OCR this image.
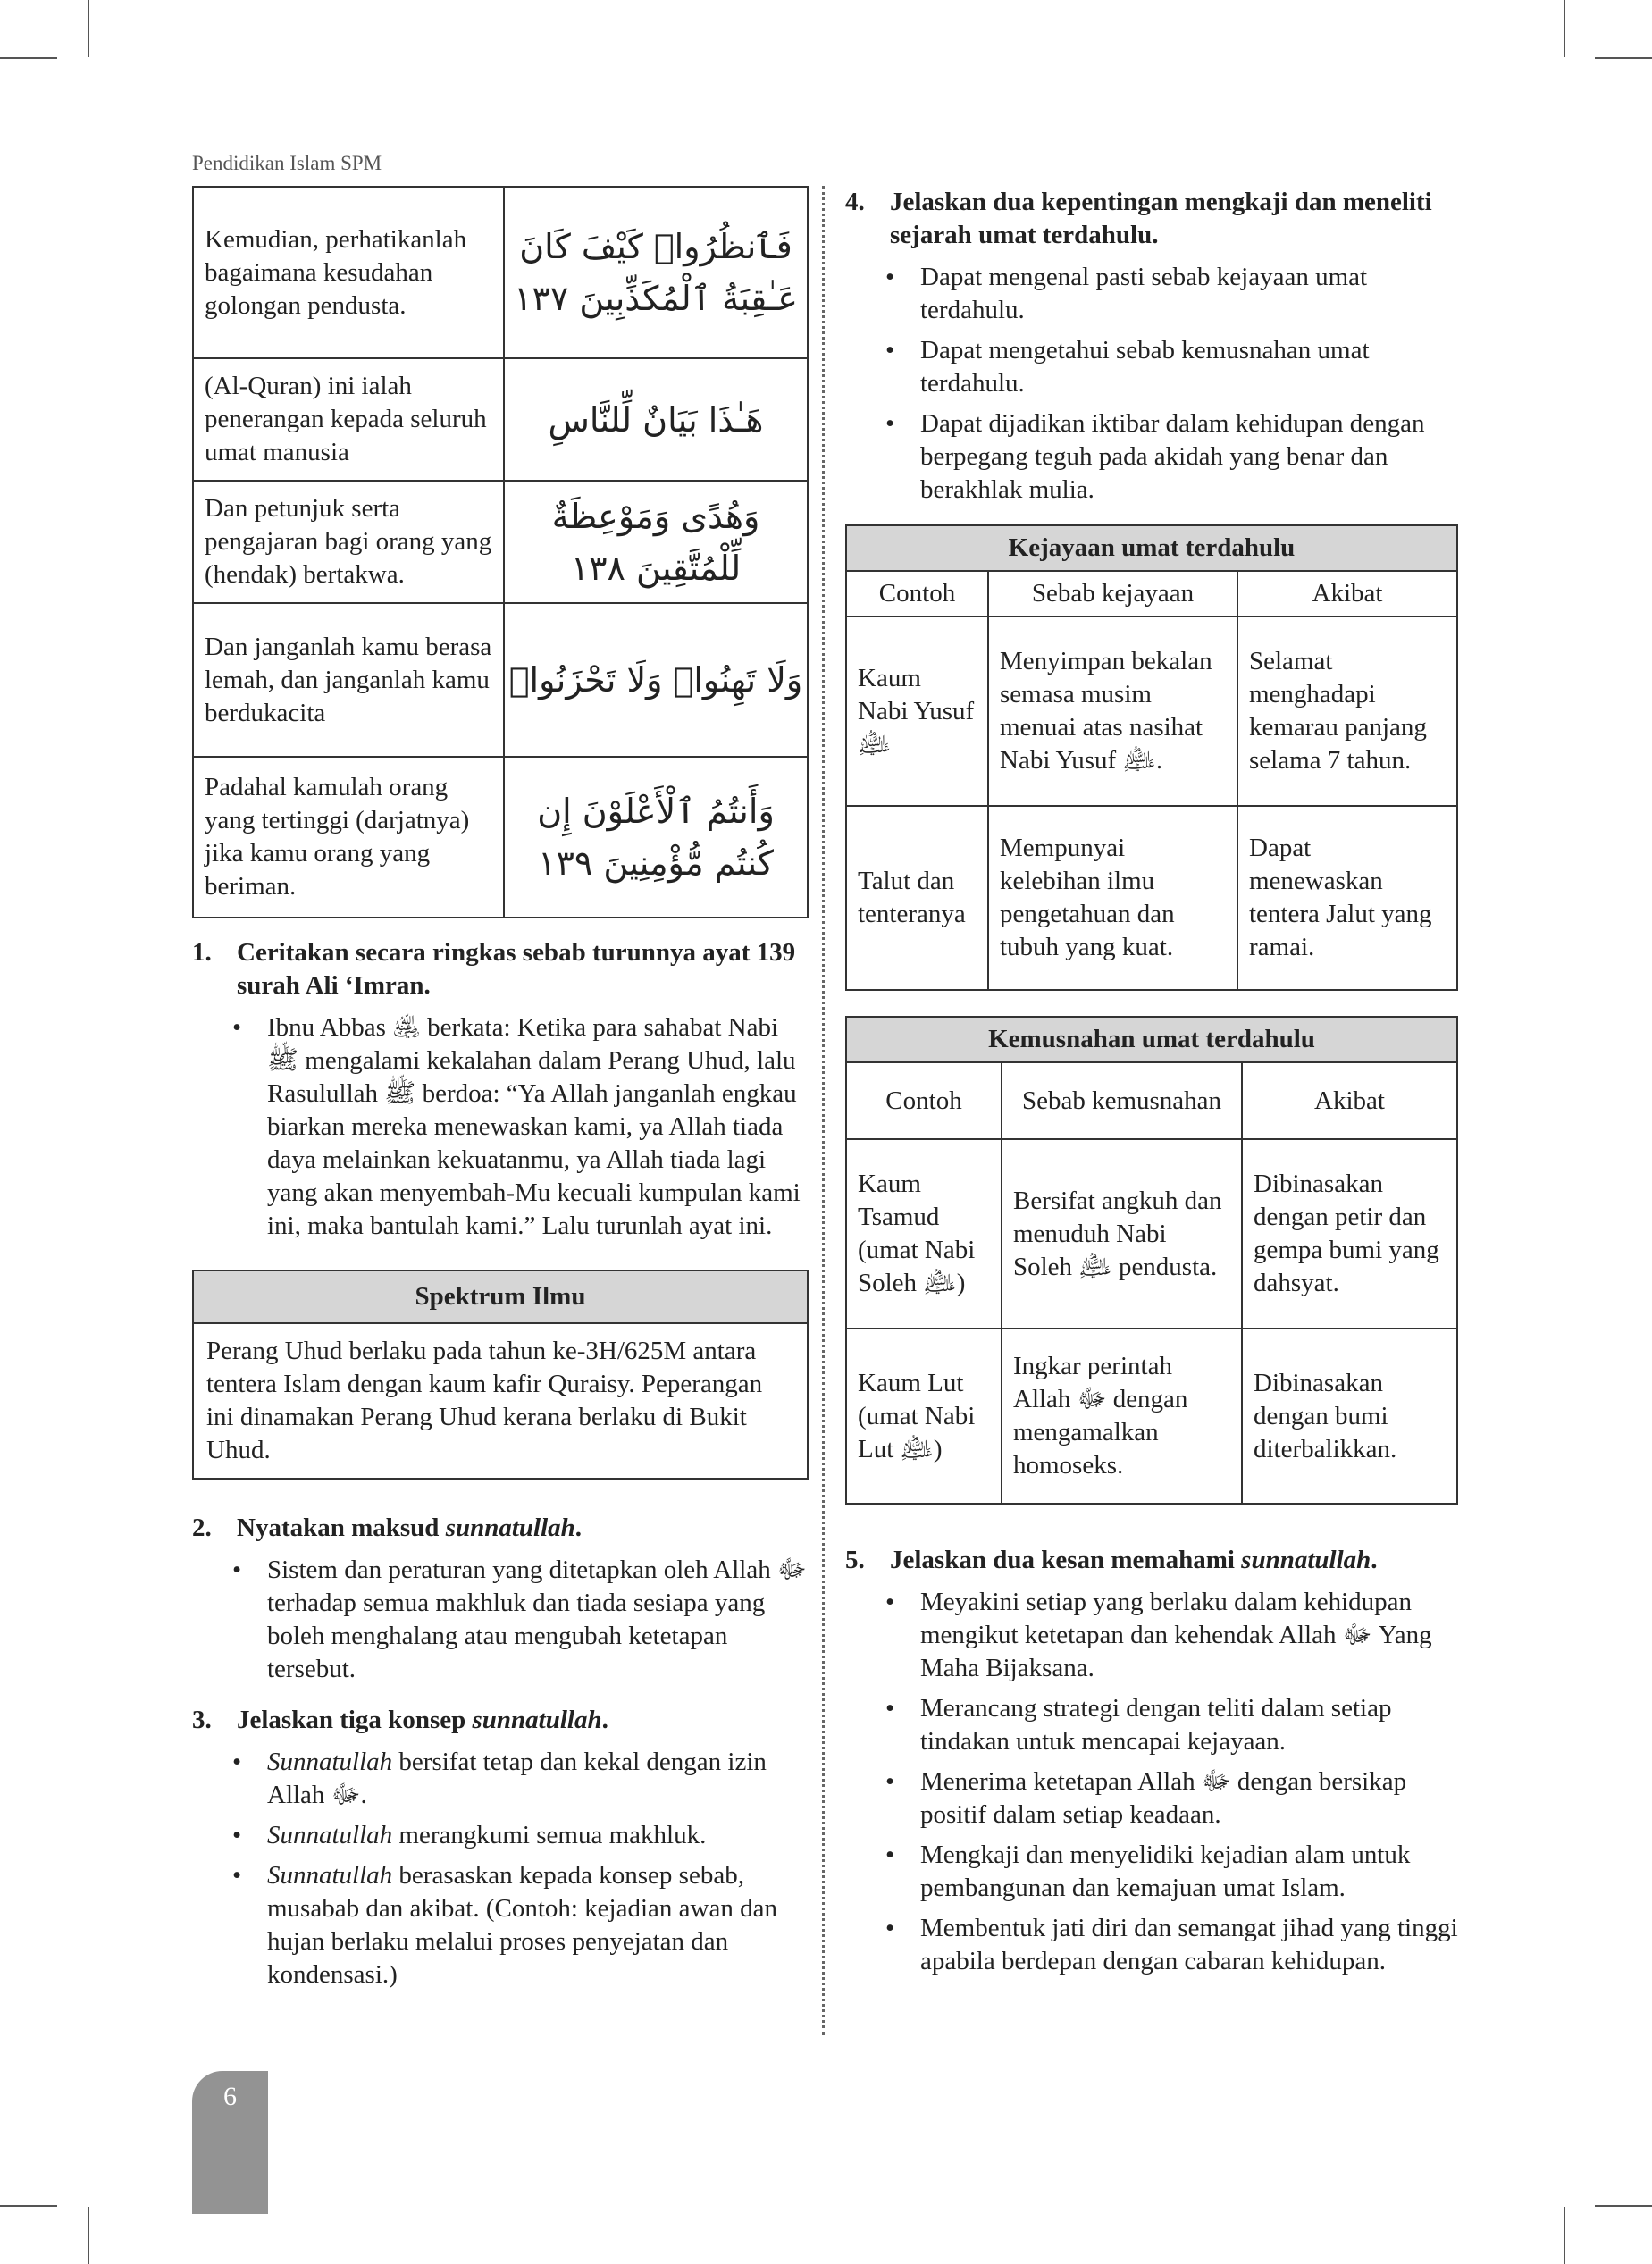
Pendidikan Islam SPM
Kemudian, perhatikanlah bagaimana kesudahan golongan pendusta.	فَٱنظُرُوا۟ كَيْفَ كَانَ عَـٰقِبَةُ ٱلْمُكَذِّبِينَ ١٣٧
(Al-Quran) ini ialah penerangan kepada seluruh umat manusia	هَـٰذَا بَيَانٌ لِّلنَّاسِ
Dan petunjuk serta pengajaran bagi orang yang (hendak) bertakwa.	وَهُدًى وَمَوْعِظَةٌ لِّلْمُتَّقِينَ ١٣٨
Dan janganlah kamu berasa lemah, dan janganlah kamu berdukacita	وَلَا تَهِنُوا۟ وَلَا تَحْزَنُوا۟
Padahal kamulah orang yang tertinggi (darjatnya) jika kamu orang yang beriman.	وَأَنتُمُ ٱلْأَعْلَوْنَ إِن كُنتُم مُّؤْمِنِينَ ١٣٩
1. Ceritakan secara ringkas sebab turunnya ayat 139 surah Ali ‘Imran.
• Ibnu Abbas ﵁ berkata: Ketika para sahabat Nabi ﷺ mengalami kekalahan dalam Perang Uhud, lalu Rasulullah ﷺ berdoa: “Ya Allah janganlah engkau biarkan mereka menewaskan kami, ya Allah tiada daya melainkan kekuatanmu, ya Allah tiada lagi yang akan menyembah-Mu kecuali kumpulan kami ini, maka bantulah kami.” Lalu turunlah ayat ini.
Spektrum Ilmu
Perang Uhud berlaku pada tahun ke-3H/625M antara tentera Islam dengan kaum kafir Quraisy. Peperangan ini dinamakan Perang Uhud kerana berlaku di Bukit Uhud.
2. Nyatakan maksud sunnatullah.
• Sistem dan peraturan yang ditetapkan oleh Allah ﷻ terhadap semua makhluk dan tiada sesiapa yang boleh menghalang atau mengubah ketetapan tersebut.
3. Jelaskan tiga konsep sunnatullah.
• Sunnatullah bersifat tetap dan kekal dengan izin Allah ﷻ.
• Sunnatullah merangkumi semua makhluk.
• Sunnatullah berasaskan kepada konsep sebab, musabab dan akibat. (Contoh: kejadian awan dan hujan berlaku melalui proses penyejatan dan kondensasi.)
4. Jelaskan dua kepentingan mengkaji dan meneliti sejarah umat terdahulu.
• Dapat mengenal pasti sebab kejayaan umat terdahulu.
• Dapat mengetahui sebab kemusnahan umat terdahulu.
• Dapat dijadikan iktibar dalam kehidupan dengan berpegang teguh pada akidah yang benar dan berakhlak mulia.
Kejayaan umat terdahulu		
Contoh	Sebab kejayaan	Akibat
Kaum Nabi Yusuf ﵇	Menyimpan bekalan semasa musim menuai atas nasihat Nabi Yusuf ﵇.	Selamat menghadapi kemarau panjang selama 7 tahun.
Talut dan tenteranya	Mempunyai kelebihan ilmu pengetahuan dan tubuh yang kuat.	Dapat menewaskan tentera Jalut yang ramai.
Kemusnahan umat terdahulu		
Contoh	Sebab kemusnahan	Akibat
Kaum Tsamud (umat Nabi Soleh ﵇)	Bersifat angkuh dan menuduh Nabi Soleh ﵇ pendusta.	Dibinasakan dengan petir dan gempa bumi yang dahsyat.
Kaum Lut (umat Nabi Lut ﵇)	Ingkar perintah Allah ﷻ dengan mengamalkan homoseks.	Dibinasakan dengan bumi diterbalikkan.
5. Jelaskan dua kesan memahami sunnatullah.
• Meyakini setiap yang berlaku dalam kehidupan mengikut ketetapan dan kehendak Allah ﷻ Yang Maha Bijaksana.
• Merancang strategi dengan teliti dalam setiap tindakan untuk mencapai kejayaan.
• Menerima ketetapan Allah ﷻ dengan bersikap positif dalam setiap keadaan.
• Mengkaji dan menyelidiki kejadian alam untuk pembangunan dan kemajuan umat Islam.
• Membentuk jati diri dan semangat jihad yang tinggi apabila berdepan dengan cabaran kehidupan.
6
